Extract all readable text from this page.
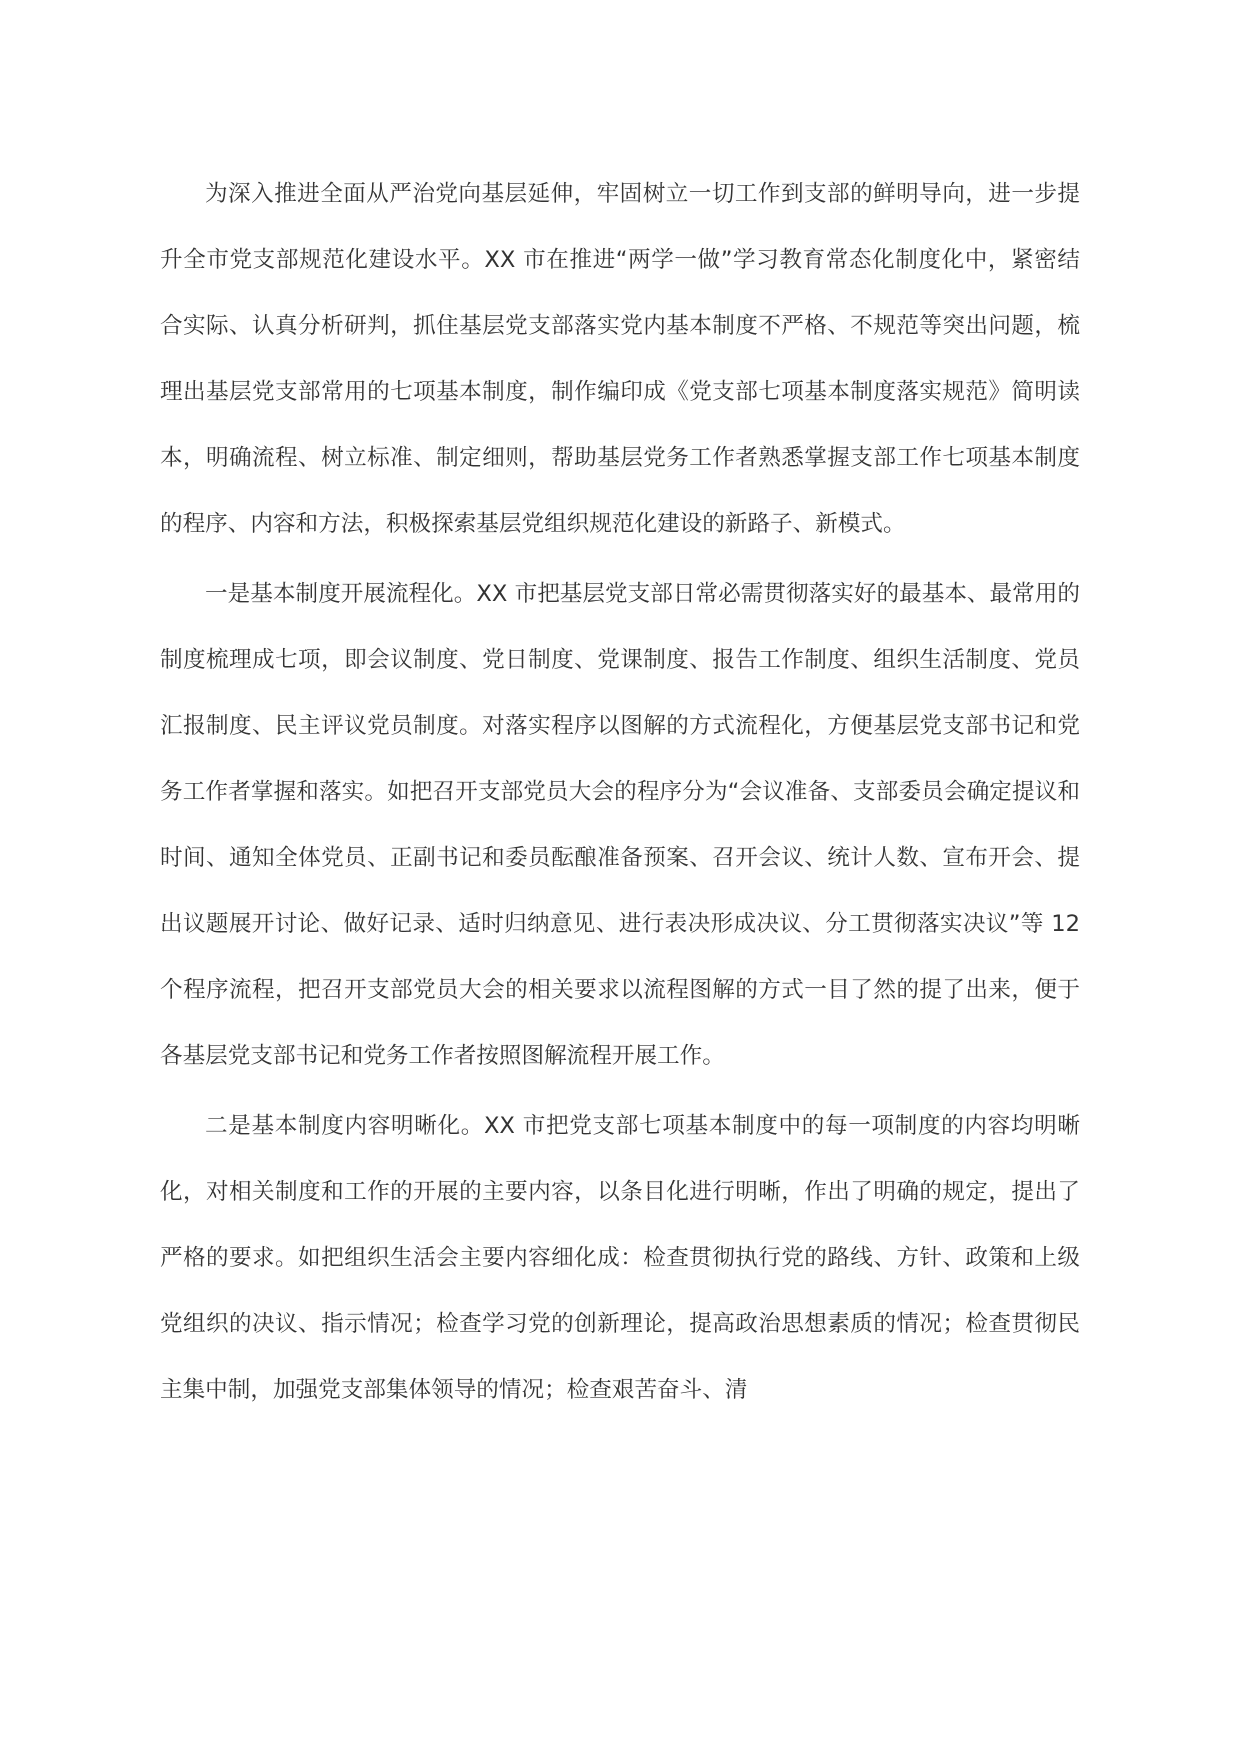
为深入推进全面从严治党向基层延伸，牢固树立一切工作到支部的鲜明导向，进一步提升全市党支部规范化建设水平。XX 市在推进“两学一做”学习教育常态化制度化中，紧密结合实际、认真分析研判，抓住基层党支部落实党内基本制度不严格、不规范等突出问题，梳理出基层党支部常用的七项基本制度，制作编印成《党支部七项基本制度落实规范》简明读本，明确流程、树立标准、制定细则，帮助基层党务工作者熟悉掌握支部工作七项基本制度的程序、内容和方法，积极探索基层党组织规范化建设的新路子、新模式。

一是基本制度开展流程化。XX 市把基层党支部日常必需贯彻落实好的最基本、最常用的制度梳理成七项，即会议制度、党日制度、党课制度、报告工作制度、组织生活制度、党员汇报制度、民主评议党员制度。对落实程序以图解的方式流程化，方便基层党支部书记和党务工作者掌握和落实。如把召开支部党员大会的程序分为“会议准备、支部委员会确定提议和时间、通知全体党员、正副书记和委员酝酿准备预案、召开会议、统计人数、宣布开会、提出议题展开讨论、做好记录、适时归纳意见、进行表决形成决议、分工贯彻落实决议”等 12 个程序流程，把召开支部党员大会的相关要求以流程图解的方式一目了然的提了出来，便于各基层党支部书记和党务工作者按照图解流程开展工作。

二是基本制度内容明晰化。XX 市把党支部七项基本制度中的每一项制度的内容均明晰化，对相关制度和工作的开展的主要内容，以条目化进行明晰，作出了明确的规定，提出了严格的要求。如把组织生活会主要内容细化成：检查贯彻执行党的路线、方针、政策和上级党组织的决议、指示情况；检查学习党的创新理论，提高政治思想素质的情况；检查贯彻民主集中制，加强党支部集体领导的情况；检查艰苦奋斗、清
